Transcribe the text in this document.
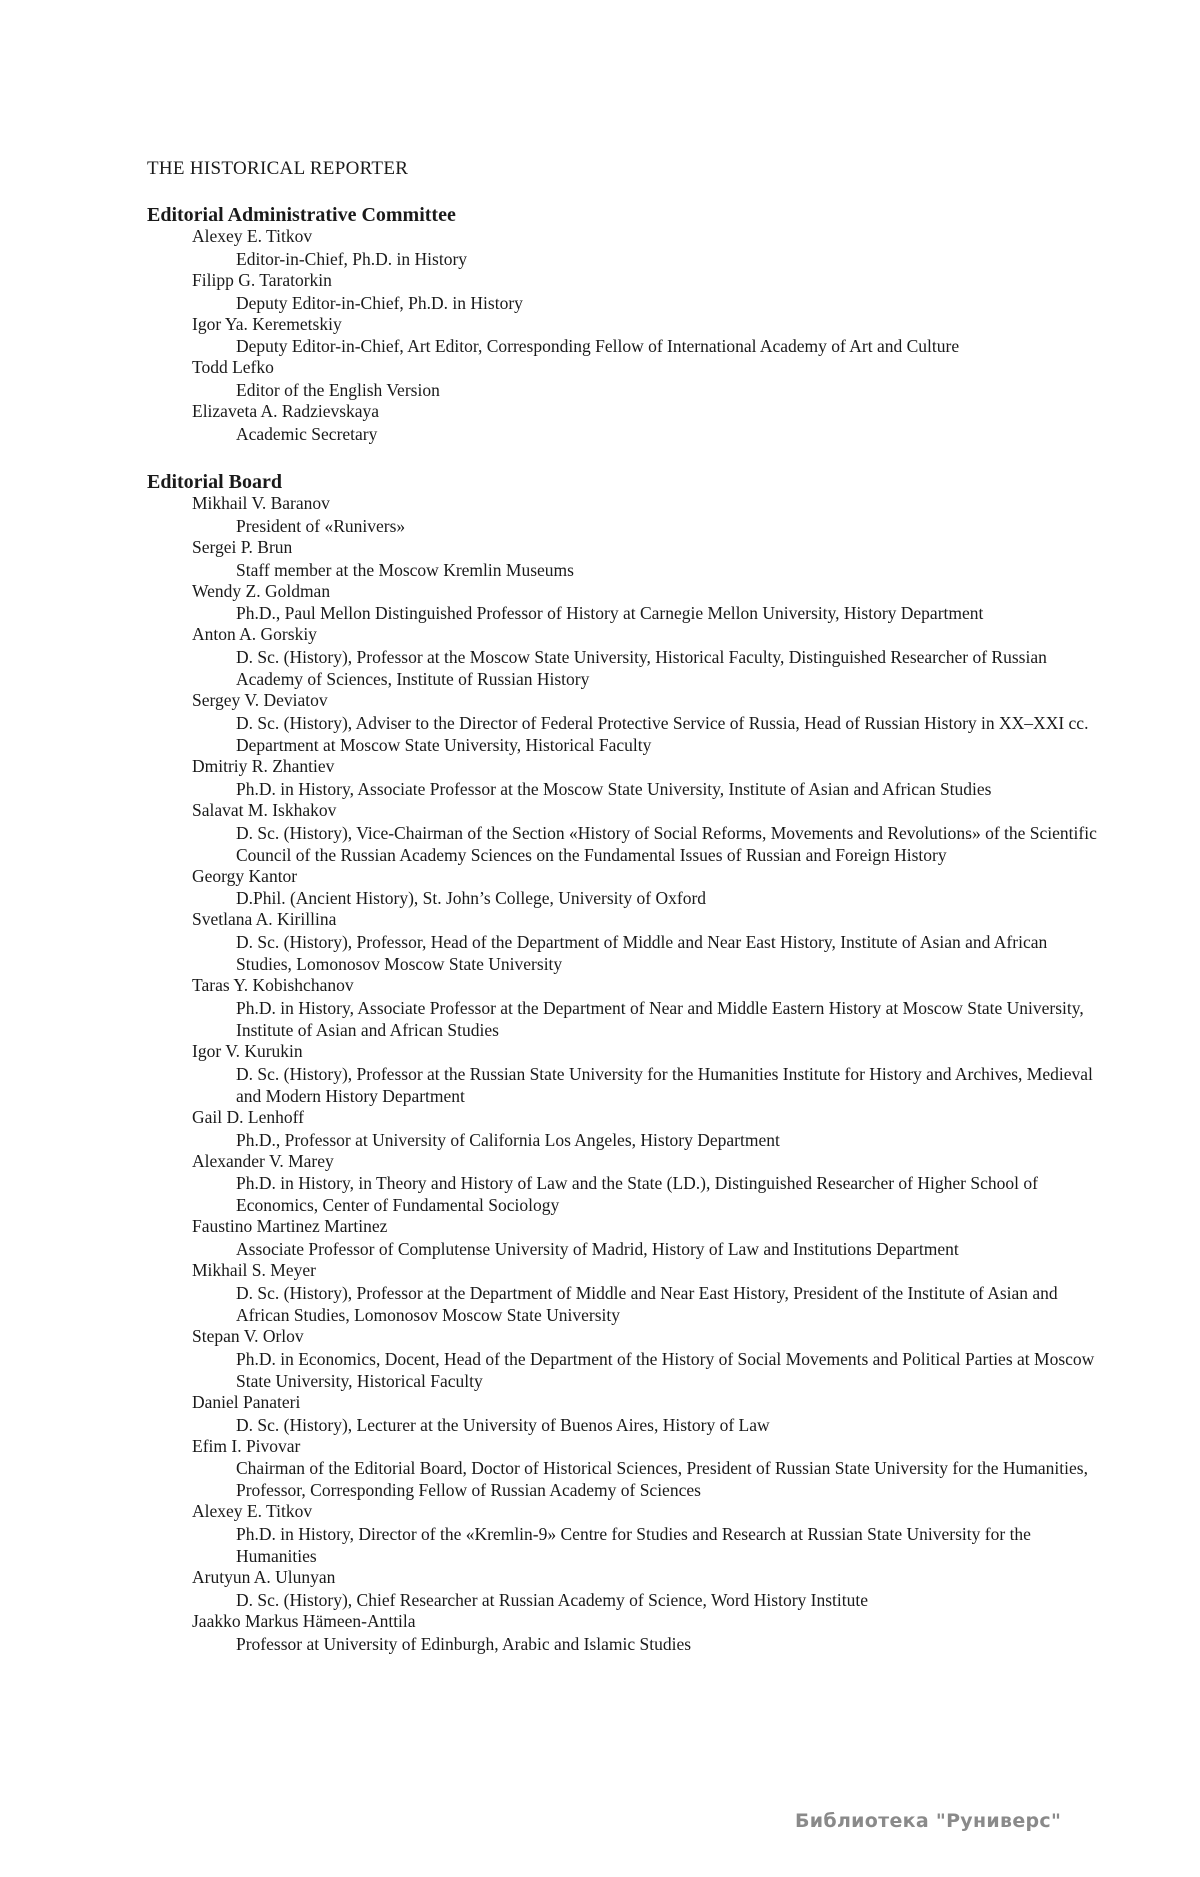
THE HISTORICAL REPORTER
Editorial Administrative Committee
Alexey E. Titkov
Editor-in-Chief, Ph.D. in History
Filipp G. Taratorkin
Deputy Editor-in-Chief, Ph.D. in History
Igor Ya. Keremetskiy
Deputy Editor-in-Chief, Art Editor, Corresponding Fellow of International Academy of Art and Culture
Todd Lefko
Editor of the English Version
Elizaveta A. Radzievskaya
Academic Secretary
Editorial Board
Mikhail V. Baranov
President of «Runivers»
Sergei P. Brun
Staff member at the Moscow Kremlin Museums
Wendy Z. Goldman
Ph.D., Paul Mellon Distinguished Professor of History at Carnegie Mellon University, History Department
Anton A. Gorskiy
D. Sc. (History), Professor at the Moscow State University, Historical Faculty, Distinguished Researcher of Russian Academy of Sciences, Institute of Russian History
Sergey V. Deviatov
D. Sc. (History), Adviser to the Director of Federal Protective Service of Russia, Head of Russian History in XX–XXI cc. Department at Moscow State University, Historical Faculty
Dmitriy R. Zhantiev
Ph.D. in History, Associate Professor at the Moscow State University, Institute of Asian and African Studies
Salavat M. Iskhakov
D. Sc. (History), Vice-Chairman of the Section «History of Social Reforms, Movements and Revolutions» of the Scientific Council of the Russian Academy Sciences on the Fundamental Issues of Russian and Foreign History
Georgy Kantor
D.Phil. (Ancient History), St. John’s College, University of Oxford
Svetlana A. Kirillina
D. Sc. (History), Professor, Head of the Department of Middle and Near East History, Institute of Asian and African Studies, Lomonosov Moscow State University
Taras Y. Kobishchanov
Ph.D. in History, Associate Professor at the Department of Near and Middle Eastern History at Moscow State University, Institute of Asian and African Studies
Igor V. Kurukin
D. Sc. (History), Professor at the Russian State University for the Humanities Institute for History and Archives, Medieval and Modern History Department
Gail D. Lenhoff
Ph.D., Professor at University of California Los Angeles, History Department
Alexander V. Marey
Ph.D. in History, in Theory and History of Law and the State (LD.), Distinguished Researcher of Higher School of Economics, Center of Fundamental Sociology
Faustino Martinez Martinez
Associate Professor of Complutense University of Madrid, History of Law and Institutions Department
Mikhail S. Meyer
D. Sc. (History), Professor at the Department of Middle and Near East History, President of the Institute of Asian and African Studies, Lomonosov Moscow State University
Stepan V. Orlov
Ph.D. in Economics, Docent, Head of the Department of the History of Social Movements and Political Parties at Moscow State University, Historical Faculty
Daniel Panateri
D. Sc. (History), Lecturer at the University of Buenos Aires, History of Law
Efim I. Pivovar
Chairman of the Editorial Board, Doctor of Historical Sciences, President of Russian State University for the Humanities, Professor, Corresponding Fellow of Russian Academy of Sciences
Alexey E. Titkov
Ph.D. in History, Director of the «Kremlin-9» Centre for Studies and Research at Russian State University for the Humanities
Arutyun A. Ulunyan
D. Sc. (History), Chief Researcher at Russian Academy of Science, Word History Institute
Jaakko Markus Hämeen-Anttila
Professor at University of Edinburgh, Arabic and Islamic Studies
Библиотека "Руниверс"
